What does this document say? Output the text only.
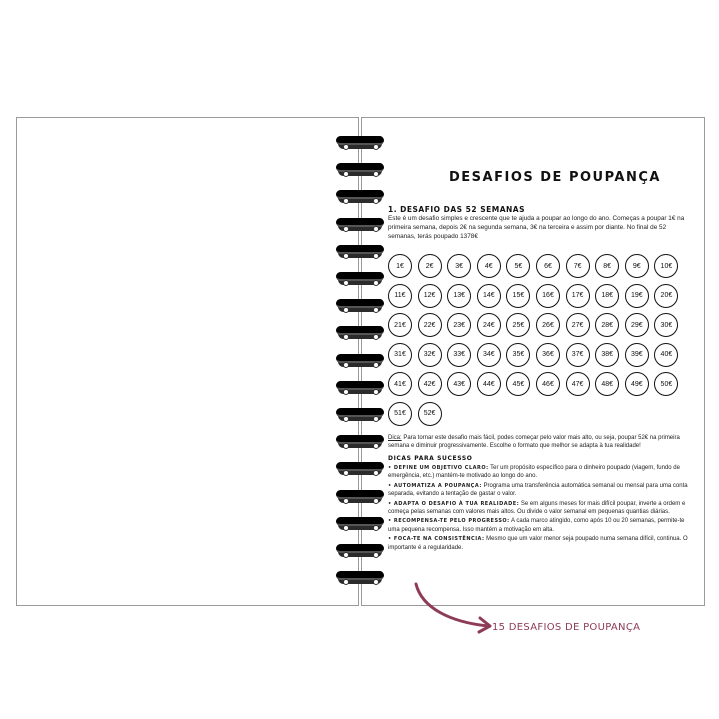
DESAFIOS DE POUPANÇA
1. DESAFIO DAS 52 SEMANAS
Este é um desafio simples e crescente que te ajuda a poupar ao longo do ano. Começas a poupar 1€ na primeira semana, depois 2€ na segunda semana, 3€ na terceira e assim por diante. No final de 52 semanas, terás poupado 1378€
1€	2€	3€	4€	5€	6€	7€	8€	9€	10€
11€	12€	13€	14€	15€	16€	17€	18€	19€	20€
21€	22€	23€	24€	25€	26€	27€	28€	29€	30€
31€	32€	33€	34€	35€	36€	37€	38€	39€	40€
41€	42€	43€	44€	45€	46€	47€	48€	49€	50€
51€	52€
Dica: Para tornar este desafio mais fácil, podes começar pelo valor mais alto, ou seja, poupar 52€ na primeira semana e diminuir progressivamente. Escolhe o formato que melhor se adapta à tua realidade!
DICAS PARA SUCESSO
• DEFINE UM OBJETIVO CLARO: Ter um propósito específico para o dinheiro poupado (viagem, fundo de emergência, etc.) mantém-te motivado ao longo do ano.
• AUTOMATIZA A POUPANÇA: Programa uma transferência automática semanal ou mensal para uma conta separada, evitando a tentação de gastar o valor.
• ADAPTA O DESAFIO À TUA REALIDADE: Se em alguns meses for mais difícil poupar, inverte a ordem e começa pelas semanas com valores mais altos. Ou divide o valor semanal em pequenas quantias diárias.
• RECOMPENSA-TE PELO PROGRESSO: A cada marco atingido, como após 10 ou 20 semanas, permite-te uma pequena recompensa. Isso mantém a motivação em alta.
• FOCA-TE NA CONSISTÊNCIA: Mesmo que um valor menor seja poupado numa semana difícil, continua. O importante é a regularidade.
15 DESAFIOS DE POUPANÇA
